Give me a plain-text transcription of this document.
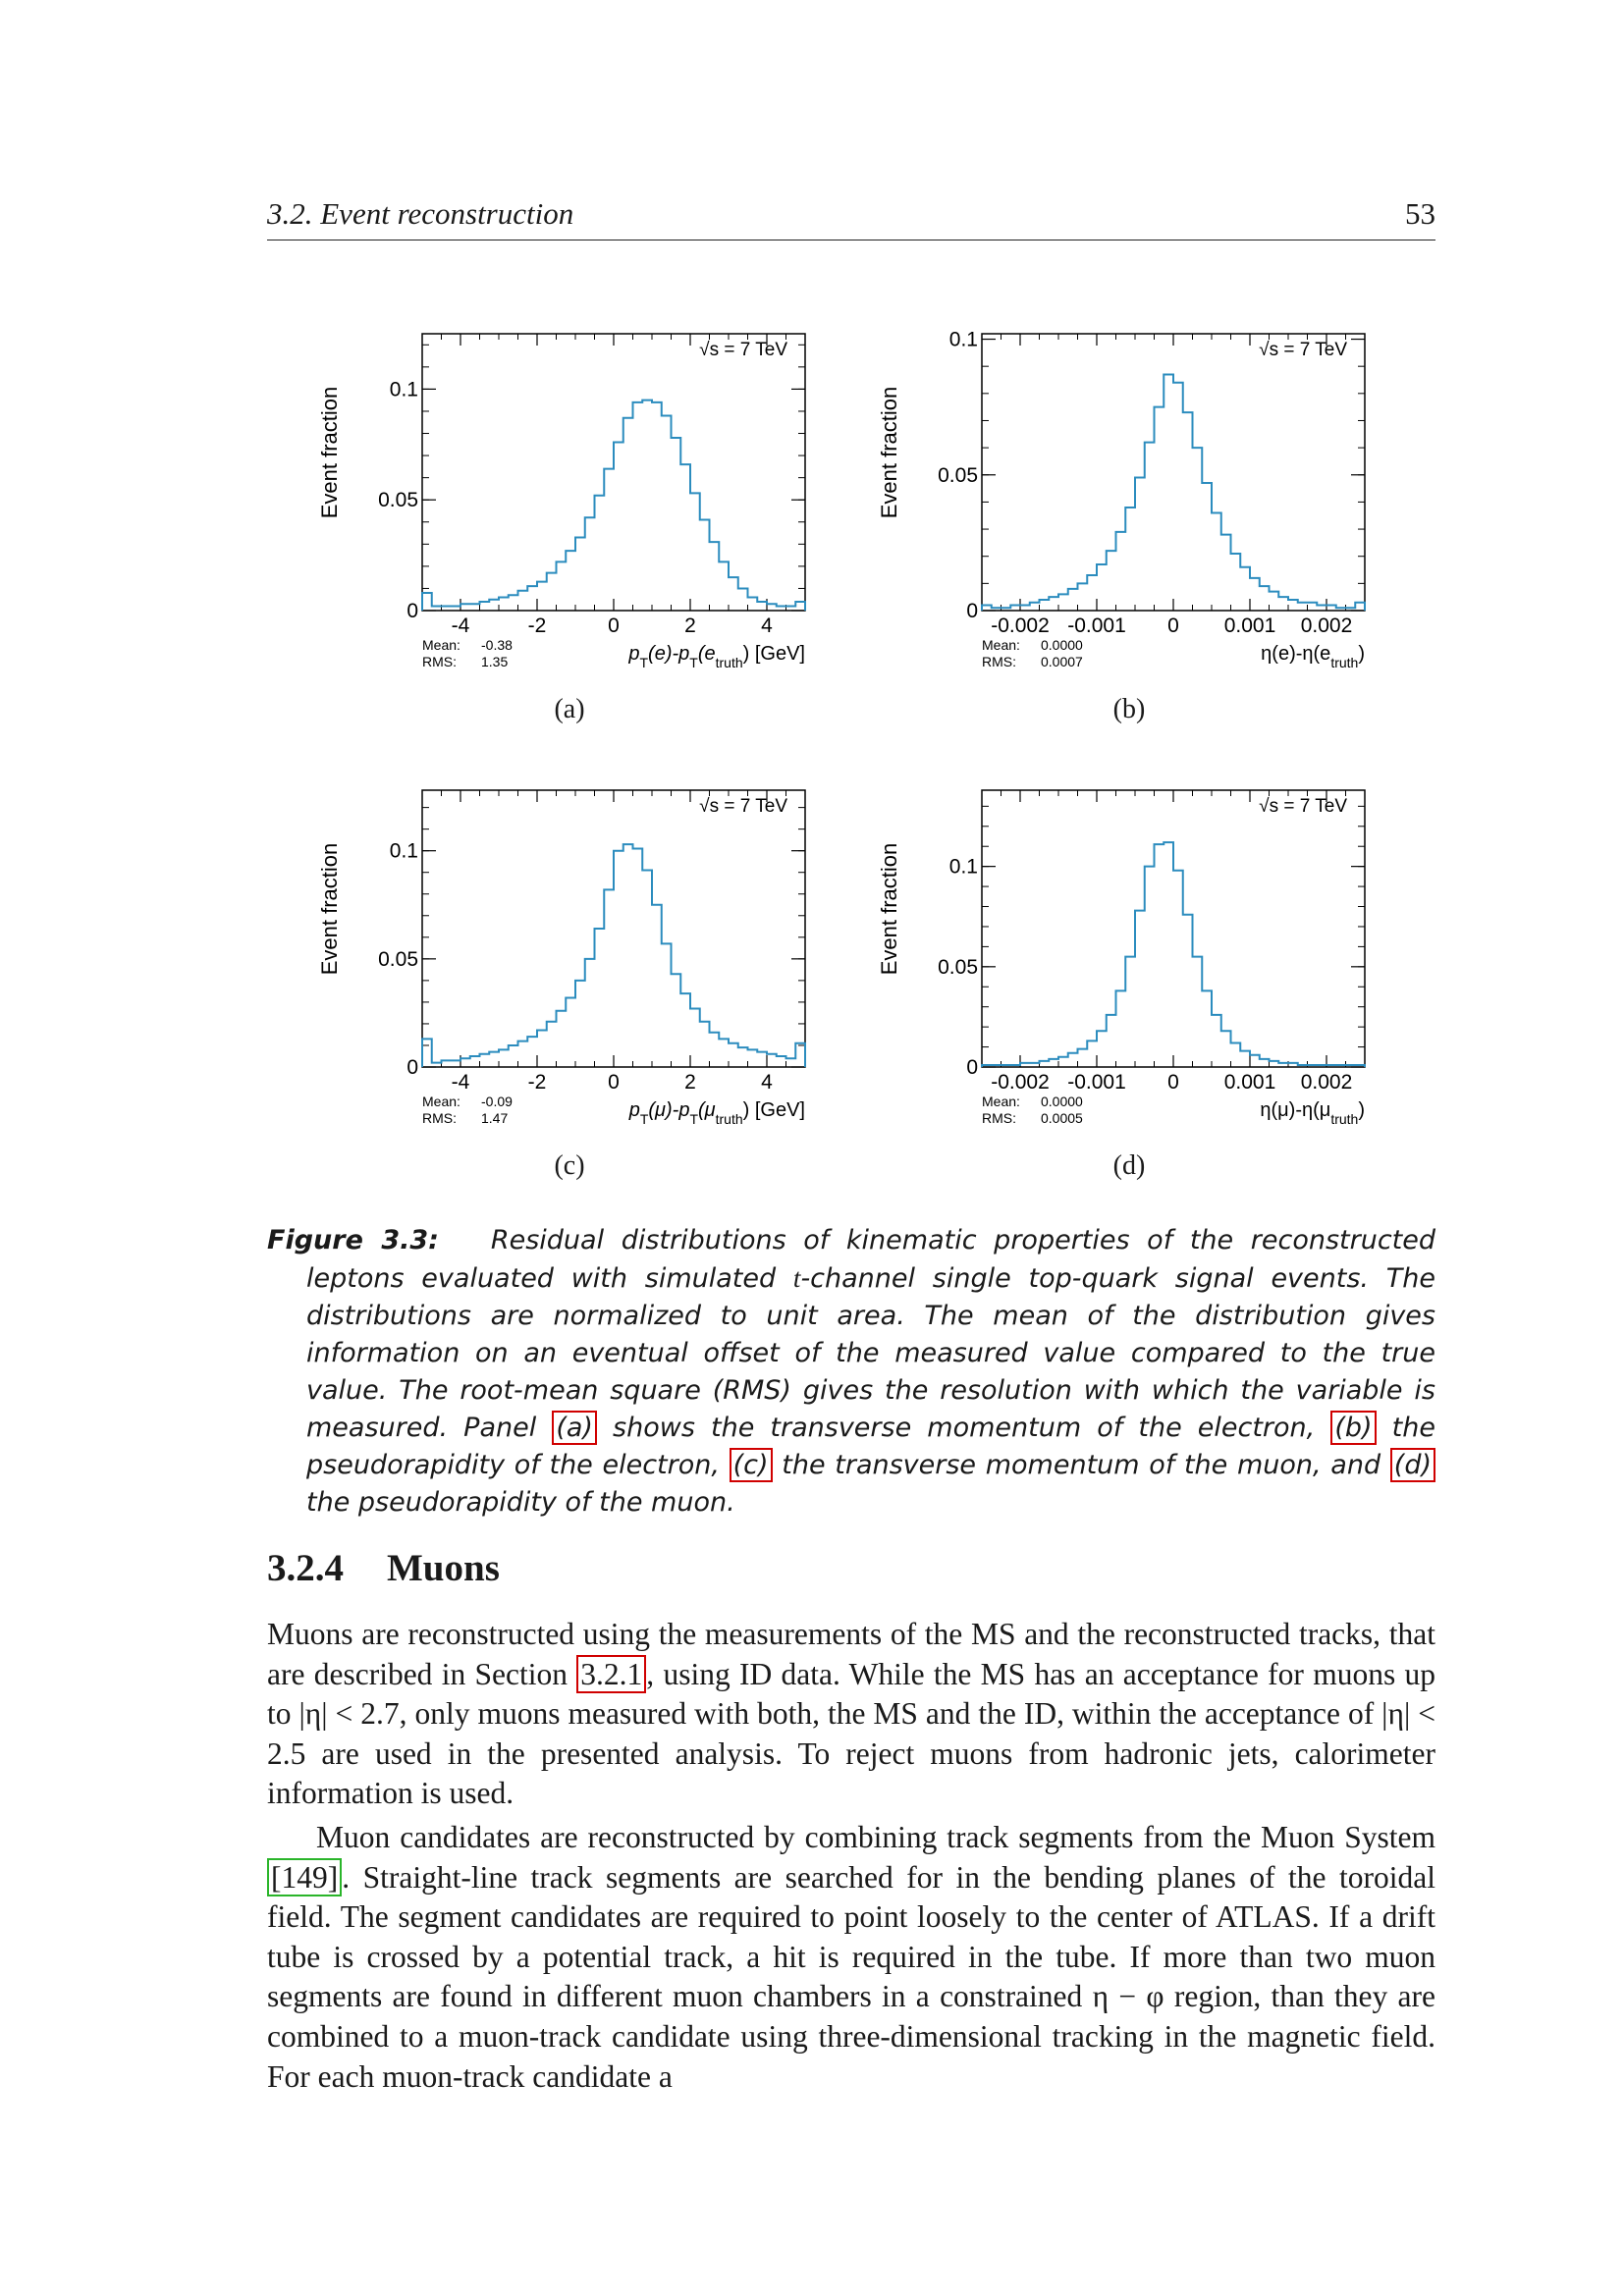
3.2. Event reconstruction	53
-4	-2	0	2	4
0
0.05
0.1
Event fraction
√s = 7 TeV
Mean: -0.38
RMS: 1.35	$p_T(e)-p_T(e_{truth})$ [GeV]
(a)
-0.002 -0.001 0 0.001 0.002
0
0.05
0.1
Event fraction
√s = 7 TeV
Mean: 0.0000
RMS: 0.0007	$\eta(e)-\eta(e_{truth})$
(b)
-4	-2	0	2	4
0
0.05
0.1
Event fraction
√s = 7 TeV
Mean: -0.09
RMS: 1.47	$p_T(\mu)-p_T(\mu_{truth})$ [GeV]
(c)
-0.002 -0.001 0 0.001 0.002
0
0.05
0.1
Event fraction
√s = 7 TeV
Mean: 0.0000
RMS: 0.0005	$\eta(\mu)-\eta(\mu_{truth})$
(d)

Figure 3.3: Residual distributions of kinematic properties of the reconstructed leptons evaluated with simulated t-channel single top-quark signal events. The distributions are normalized to unit area. The mean of the distribution gives information on an eventual offset of the measured value compared to the true value. The root-mean square (RMS) gives the resolution with which the variable is measured. Panel (a) shows the transverse momentum of the electron, (b) the pseudorapidity of the electron, (c) the transverse momentum of the muon, and (d) the pseudorapidity of the muon.

3.2.4 Muons

Muons are reconstructed using the measurements of the MS and the reconstructed tracks, that are described in Section 3.2.1 , using ID data. While the MS has an acceptance for muons up to |η| < 2.7, only muons measured with both, the MS and the ID, within the acceptance of |η| < 2.5 are used in the presented analysis. To reject muons from hadronic jets, calorimeter information is used.

Muon candidates are reconstructed by combining track segments from the Muon System [149] . Straight-line track segments are searched for in the bending planes of the toroidal field. The segment candidates are required to point loosely to the center of ATLAS. If a drift tube is crossed by a potential track, a hit is required in the tube. If more than two muon segments are found in different muon chambers in a constrained η − φ region, than they are combined to a muon-track candidate using three-dimensional tracking in the magnetic field. For each muon-track candidate a
